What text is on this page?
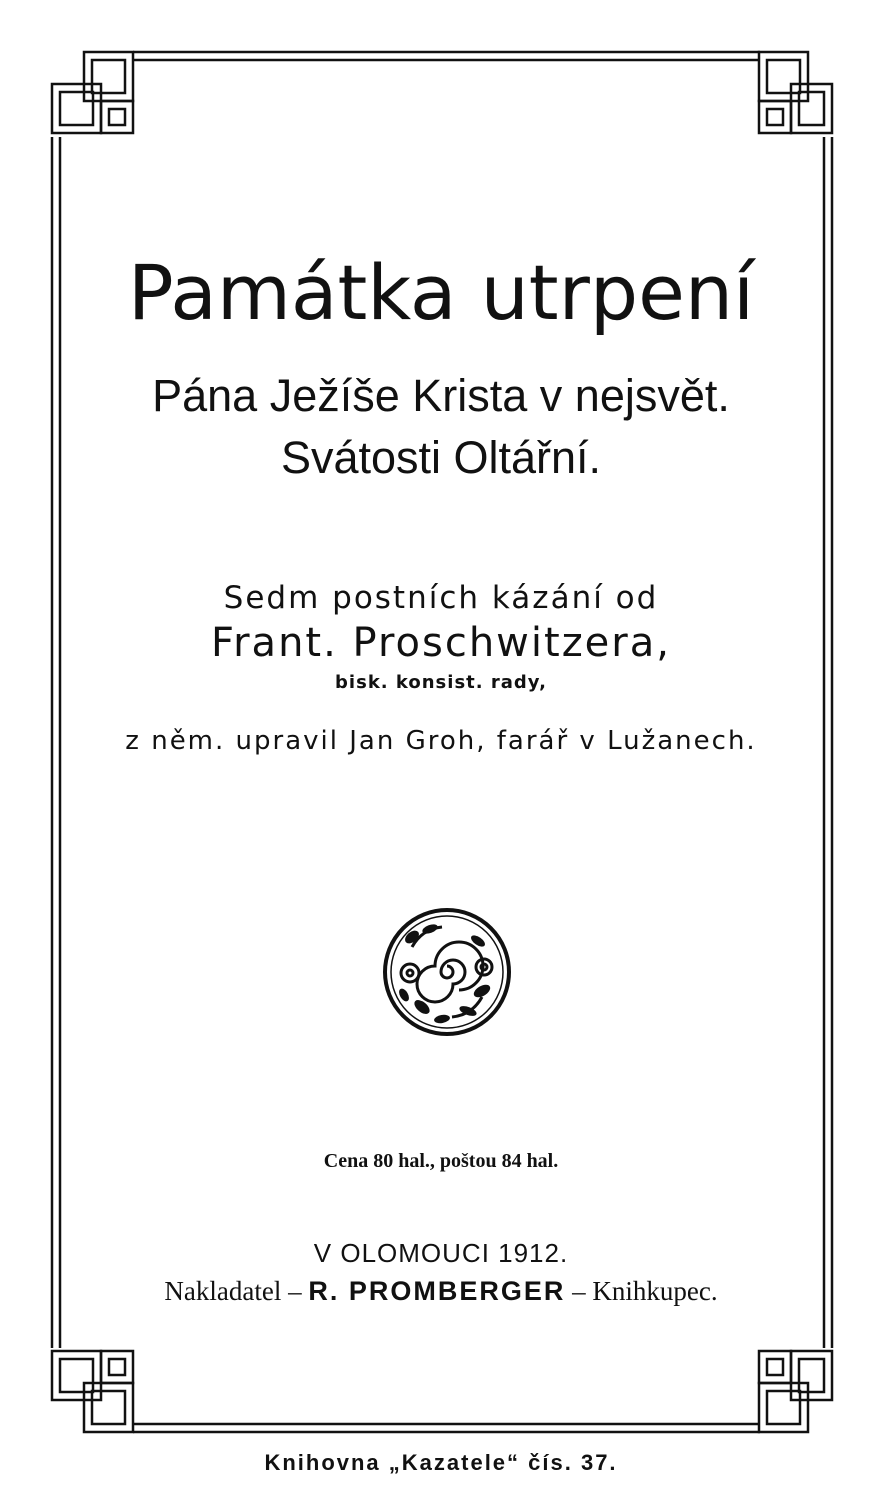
Památka utrpení
Pána Ježíše Krista v nejsvět.
Svátosti Oltářní.
Sedm postních kázání od
Frant. Proschwitzera,
bisk. konsist. rady,
z něm. upravil Jan Groh, farář v Lužanech.
Cena 80 hal., poštou 84 hal.
V OLOMOUCI 1912.
Nakladatel – R. PROMBERGER – Knihkupec.
Knihovna „Kazatele“ čís. 37.
